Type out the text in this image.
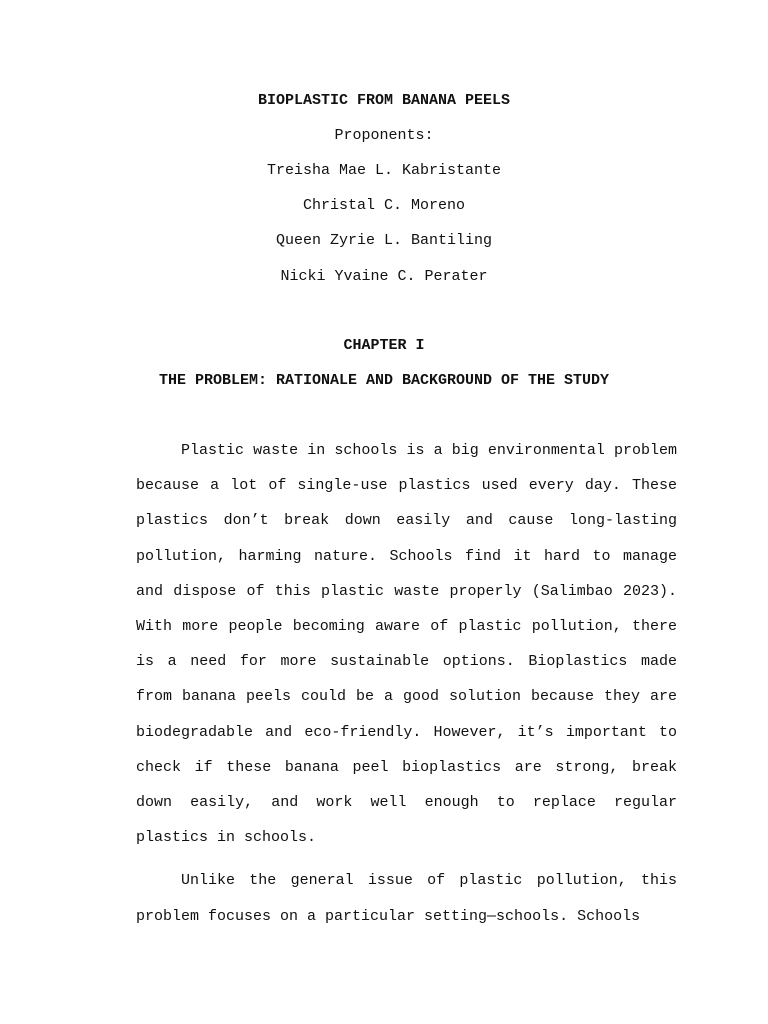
BIOPLASTIC FROM BANANA PEELS
Proponents:
Treisha Mae L. Kabristante
Christal C. Moreno
Queen Zyrie L. Bantiling
Nicki Yvaine C. Perater
CHAPTER I
THE PROBLEM: RATIONALE AND BACKGROUND OF THE STUDY

Plastic waste in schools is a big environmental problem because a lot of single-use plastics used every day. These plastics don’t break down easily and cause long-lasting pollution, harming nature. Schools find it hard to manage and dispose of this plastic waste properly (Salimbao 2023). With more people becoming aware of plastic pollution, there is a need for more sustainable options. Bioplastics made from banana peels could be a good solution because they are biodegradable and eco-friendly. However, it’s important to check if these banana peel bioplastics are strong, break down easily, and work well enough to replace regular plastics in schools.

Unlike the general issue of plastic pollution, this problem focuses on a particular setting—schools. Schools
